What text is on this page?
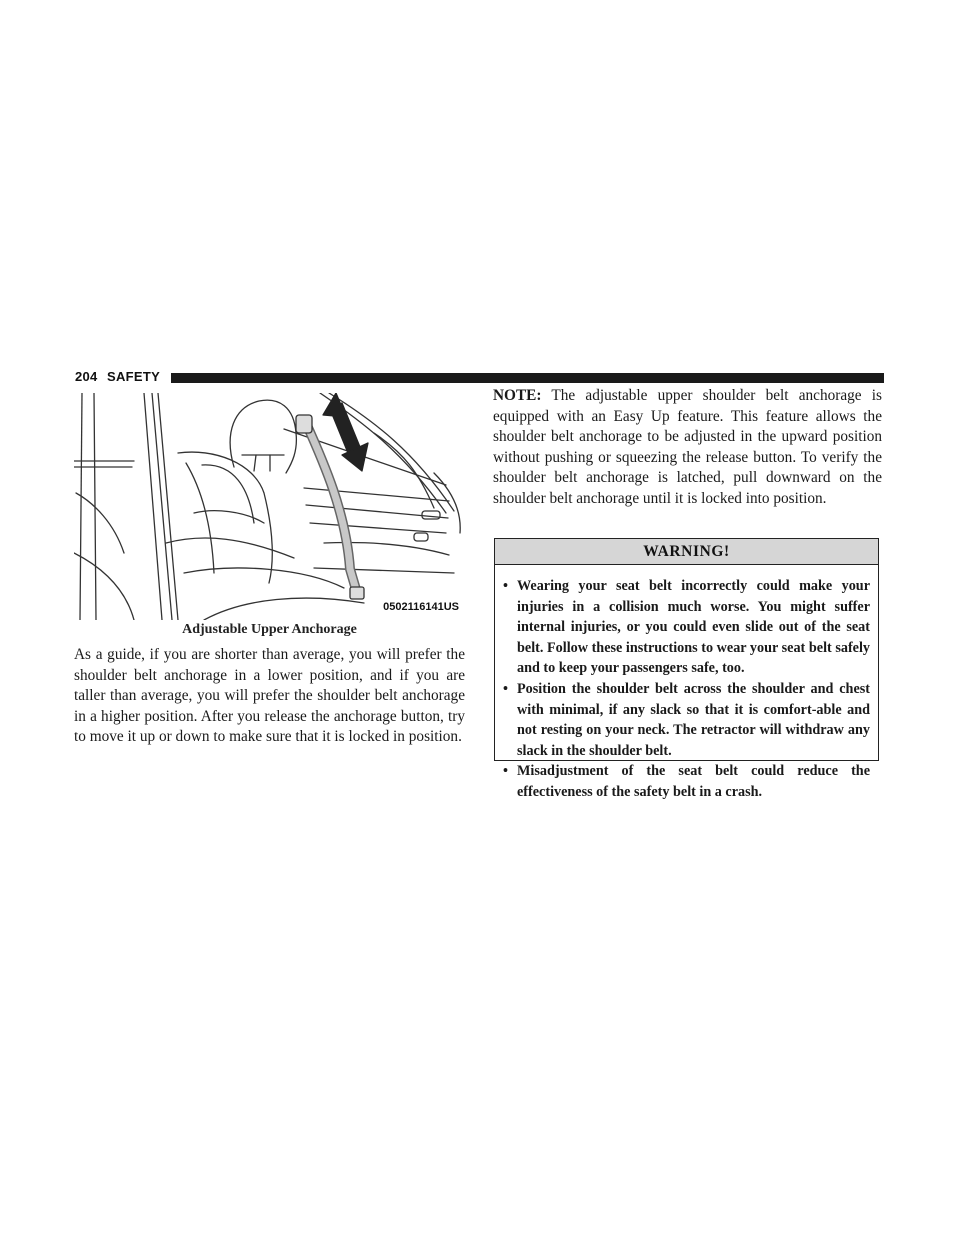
204 SAFETY
0502116141US
Adjustable Upper Anchorage

As a guide, if you are shorter than average, you will prefer the shoulder belt anchorage in a lower position, and if you are taller than average, you will prefer the shoulder belt anchorage in a higher position. After you release the anchorage button, try to move it up or down to make sure that it is locked in position.

NOTE: The adjustable upper shoulder belt anchorage is equipped with an Easy Up feature. This feature allows the shoulder belt anchorage to be adjusted in the upward position without pushing or squeezing the release button. To verify the shoulder belt anchorage is latched, pull downward on the shoulder belt anchorage until it is locked into position.

WARNING!
• Wearing your seat belt incorrectly could make your injuries in a collision much worse. You might suffer internal injuries, or you could even slide out of the seat belt. Follow these instructions to wear your seat belt safely and to keep your passengers safe, too.
• Position the shoulder belt across the shoulder and chest with minimal, if any slack so that it is comfort-able and not resting on your neck. The retractor will withdraw any slack in the shoulder belt.
• Misadjustment of the seat belt could reduce the effectiveness of the safety belt in a crash.
